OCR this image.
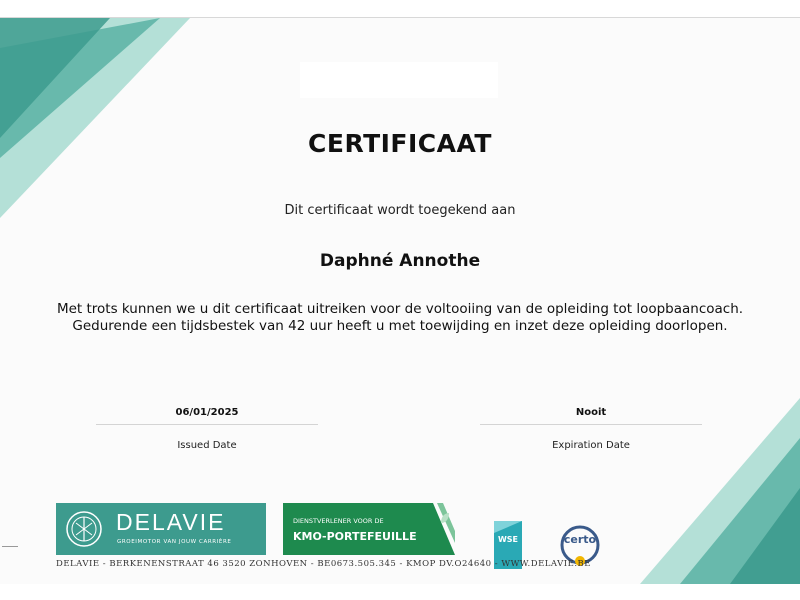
CERTIFICAAT
Dit certificaat wordt toegekend aan
Daphné Annothe
Met trots kunnen we u dit certificaat uitreiken voor de voltooiing van de opleiding tot loopbaancoach.
Gedurende een tijdsbestek van 42 uur heeft u met toewijding en inzet deze opleiding doorlopen.
06/01/2025
Issued Date
Nooit
Expiration Date
DELAVIE
GROEIMOTOR VAN JOUW CARRIÈRE
DIENSTVERLENER VOOR DE
KMO-PORTEFEUILLE	WSE	certo
DELAVIE - BERKENENSTRAAT 46 3520 ZONHOVEN - BE0673.505.345 - KMOP DV.O24640 - WWW.DELAVIE.BE
